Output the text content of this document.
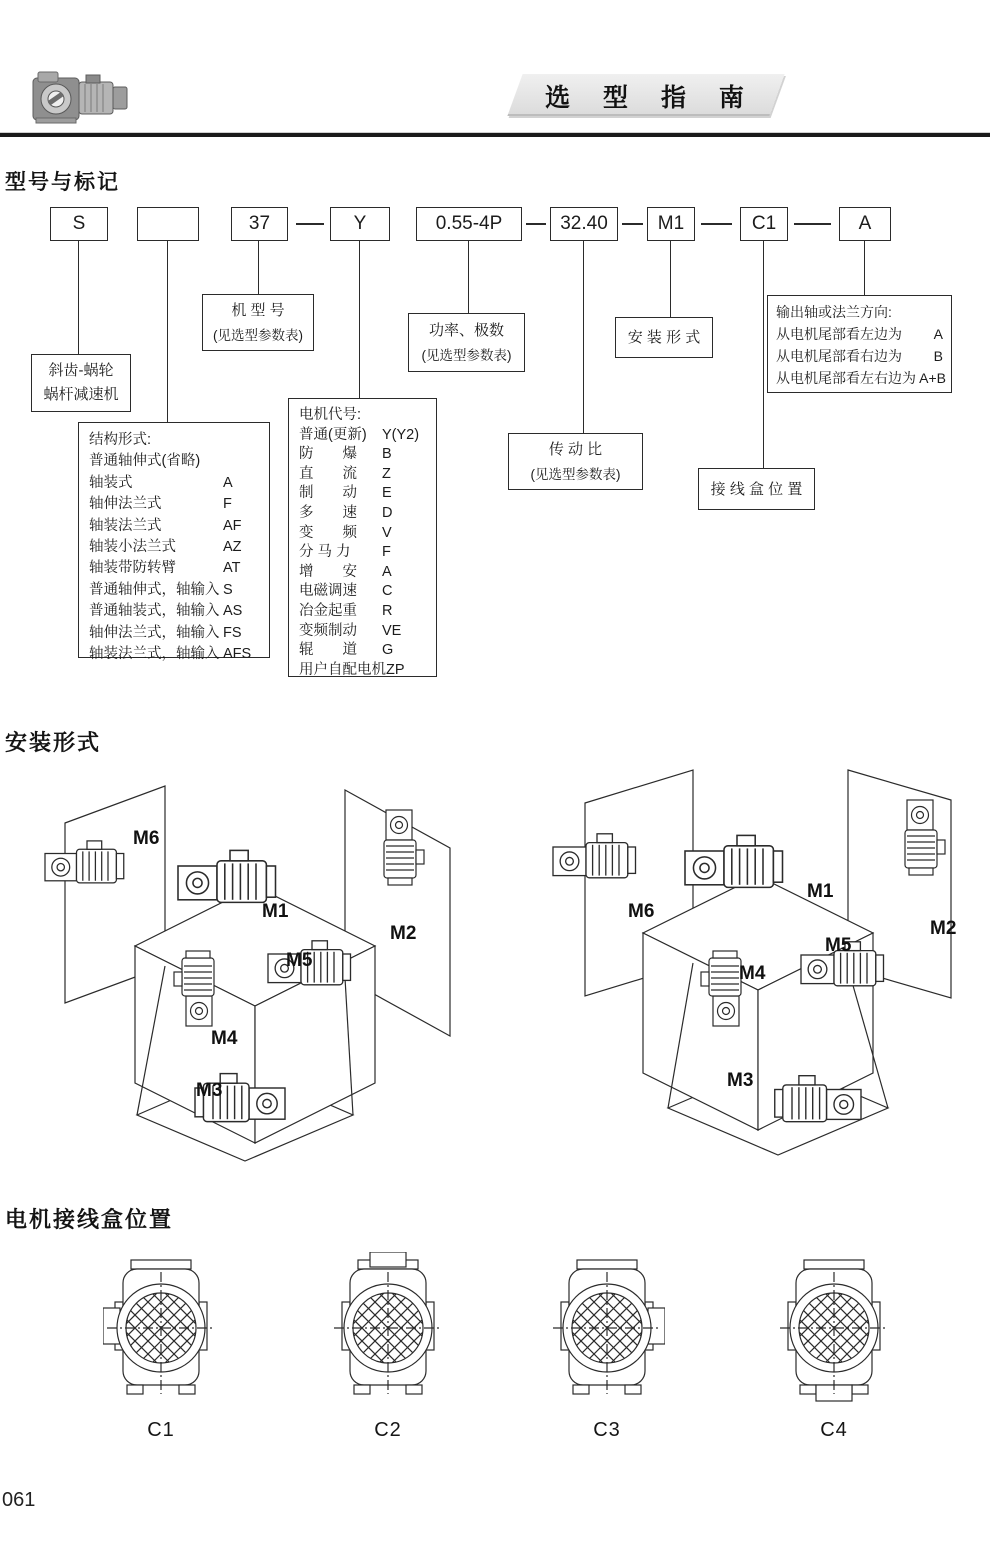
选 型 指 南
型号与标记
S	37	Y	0.55-4P	32.40	M1	C1	A
斜齿-蜗轮
蜗杆减速机
机 型 号
(见选型参数表)
结构形式:
普通轴伸式(省略)
轴装式	A
轴伸法兰式	F
轴装法兰式	AF
轴装小法兰式	AZ
轴装带防转臂	AT
普通轴伸式，轴输入 S
普通轴装式，轴输入 AS
轴伸法兰式，轴输入 FS
轴装法兰式，轴输入 AFS
电机代号:
普通(更新) Y(Y2)
防　　爆 B
直　　流 Z
制　　动 E
多　　速 D
变　　频 V
分 马 力 F
增　　安 A
电磁调速 C
冶金起重 R
变频制动 VE
辊　　道 G
用户自配电机 ZP
功率、极数
(见选型参数表)
传 动 比
(见选型参数表)
安 装 形 式
接 线 盒 位 置
输出轴或法兰方向:
从电机尾部看左边为	A
从电机尾部看右边为	B
从电机尾部看左右边为 A+B
安装形式
M6
M1
M2
M5
M4
M3
M6
M1
M2
M5
M4
M3
电机接线盒位置
C1	C2	C3	C4
061
